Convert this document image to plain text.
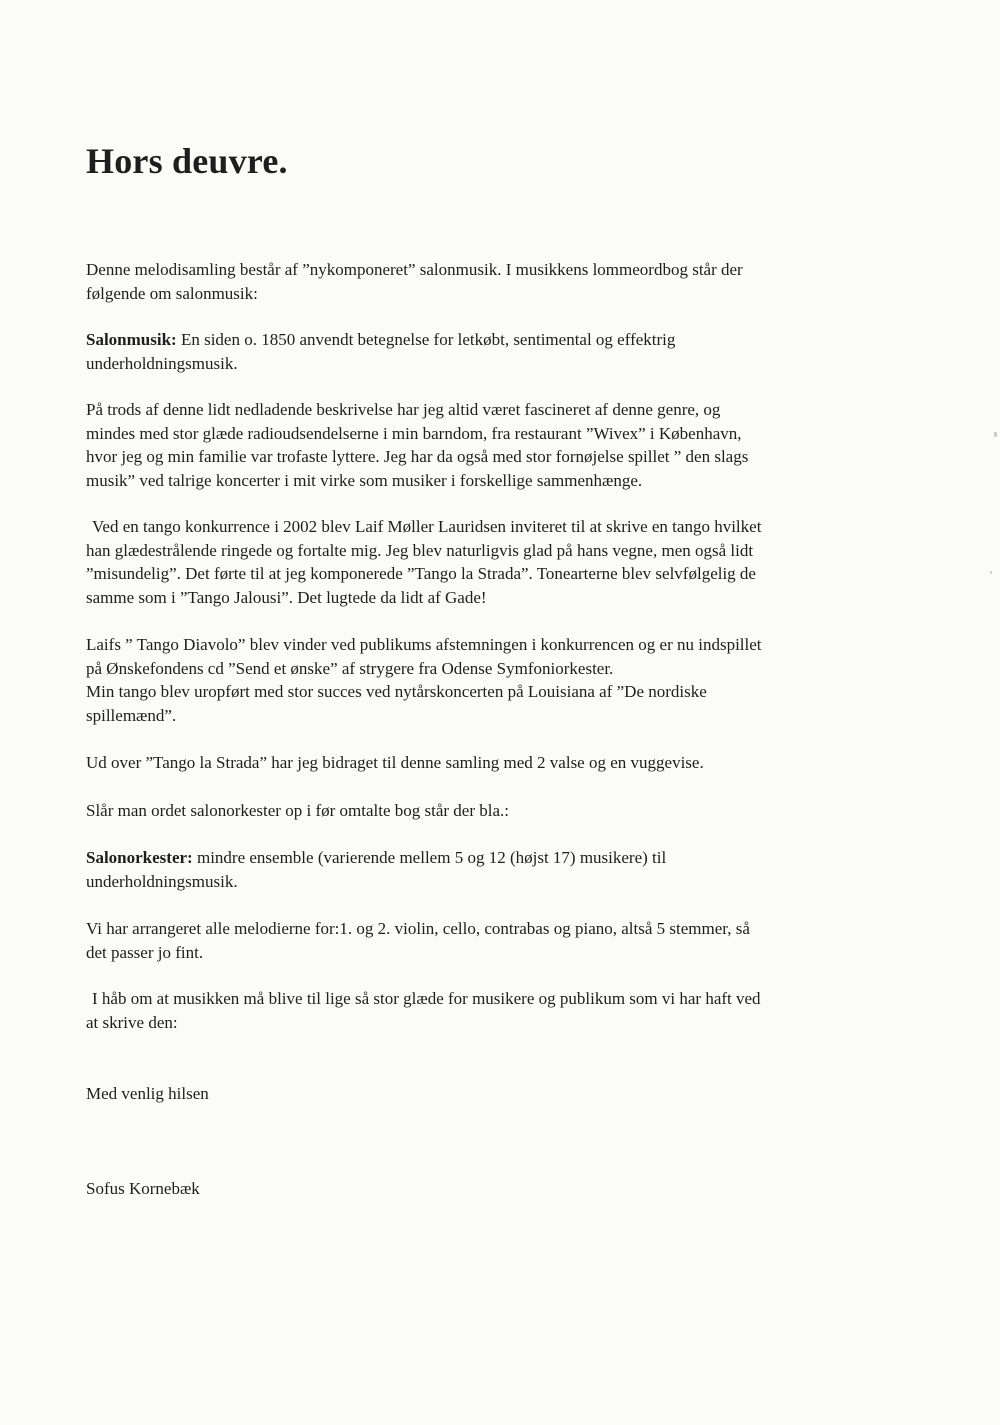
Hors deuvre.

Denne melodisamling består af ”nykomponeret” salonmusik. I musikkens lommeordbog står der
følgende om salonmusik:

Salonmusik: En siden o. 1850 anvendt betegnelse for letkøbt, sentimental og effektrig
underholdningsmusik.

På trods af denne lidt nedladende beskrivelse har jeg altid været fascineret af denne genre, og
mindes med stor glæde radioudsendelserne i min barndom, fra restaurant ”Wivex” i København,
hvor jeg og min familie var trofaste lyttere. Jeg har da også med stor fornøjelse spillet ” den slags
musik” ved talrige koncerter i mit virke som musiker i forskellige sammenhænge.

Ved en tango konkurrence i 2002 blev Laif Møller Lauridsen inviteret til at skrive en tango hvilket
han glædestrålende ringede og fortalte mig. Jeg blev naturligvis glad på hans vegne, men også lidt
”misundelig”. Det førte til at jeg komponerede ”Tango la Strada”. Tonearterne blev selvfølgelig de
samme som i ”Tango Jalousi”. Det lugtede da lidt af Gade!

Laifs ” Tango Diavolo” blev vinder ved publikums afstemningen i konkurrencen og er nu indspillet
på Ønskefondens cd ”Send et ønske” af strygere fra Odense Symfoniorkester.
Min tango blev uropført med stor succes ved nytårskoncerten på Louisiana af ”De nordiske
spillemænd”.

Ud over ”Tango la Strada” har jeg bidraget til denne samling med 2 valse og en vuggevise.

Slår man ordet salonorkester op i før omtalte bog står der bla.:

Salonorkester: mindre ensemble (varierende mellem 5 og 12 (højst 17) musikere) til
underholdningsmusik.

Vi har arrangeret alle melodierne for:1. og 2. violin, cello, contrabas og piano, altså 5 stemmer, så
det passer jo fint.

I håb om at musikken må blive til lige så stor glæde for musikere og publikum som vi har haft ved
at skrive den:

Med venlig hilsen

Sofus Kornebæk
